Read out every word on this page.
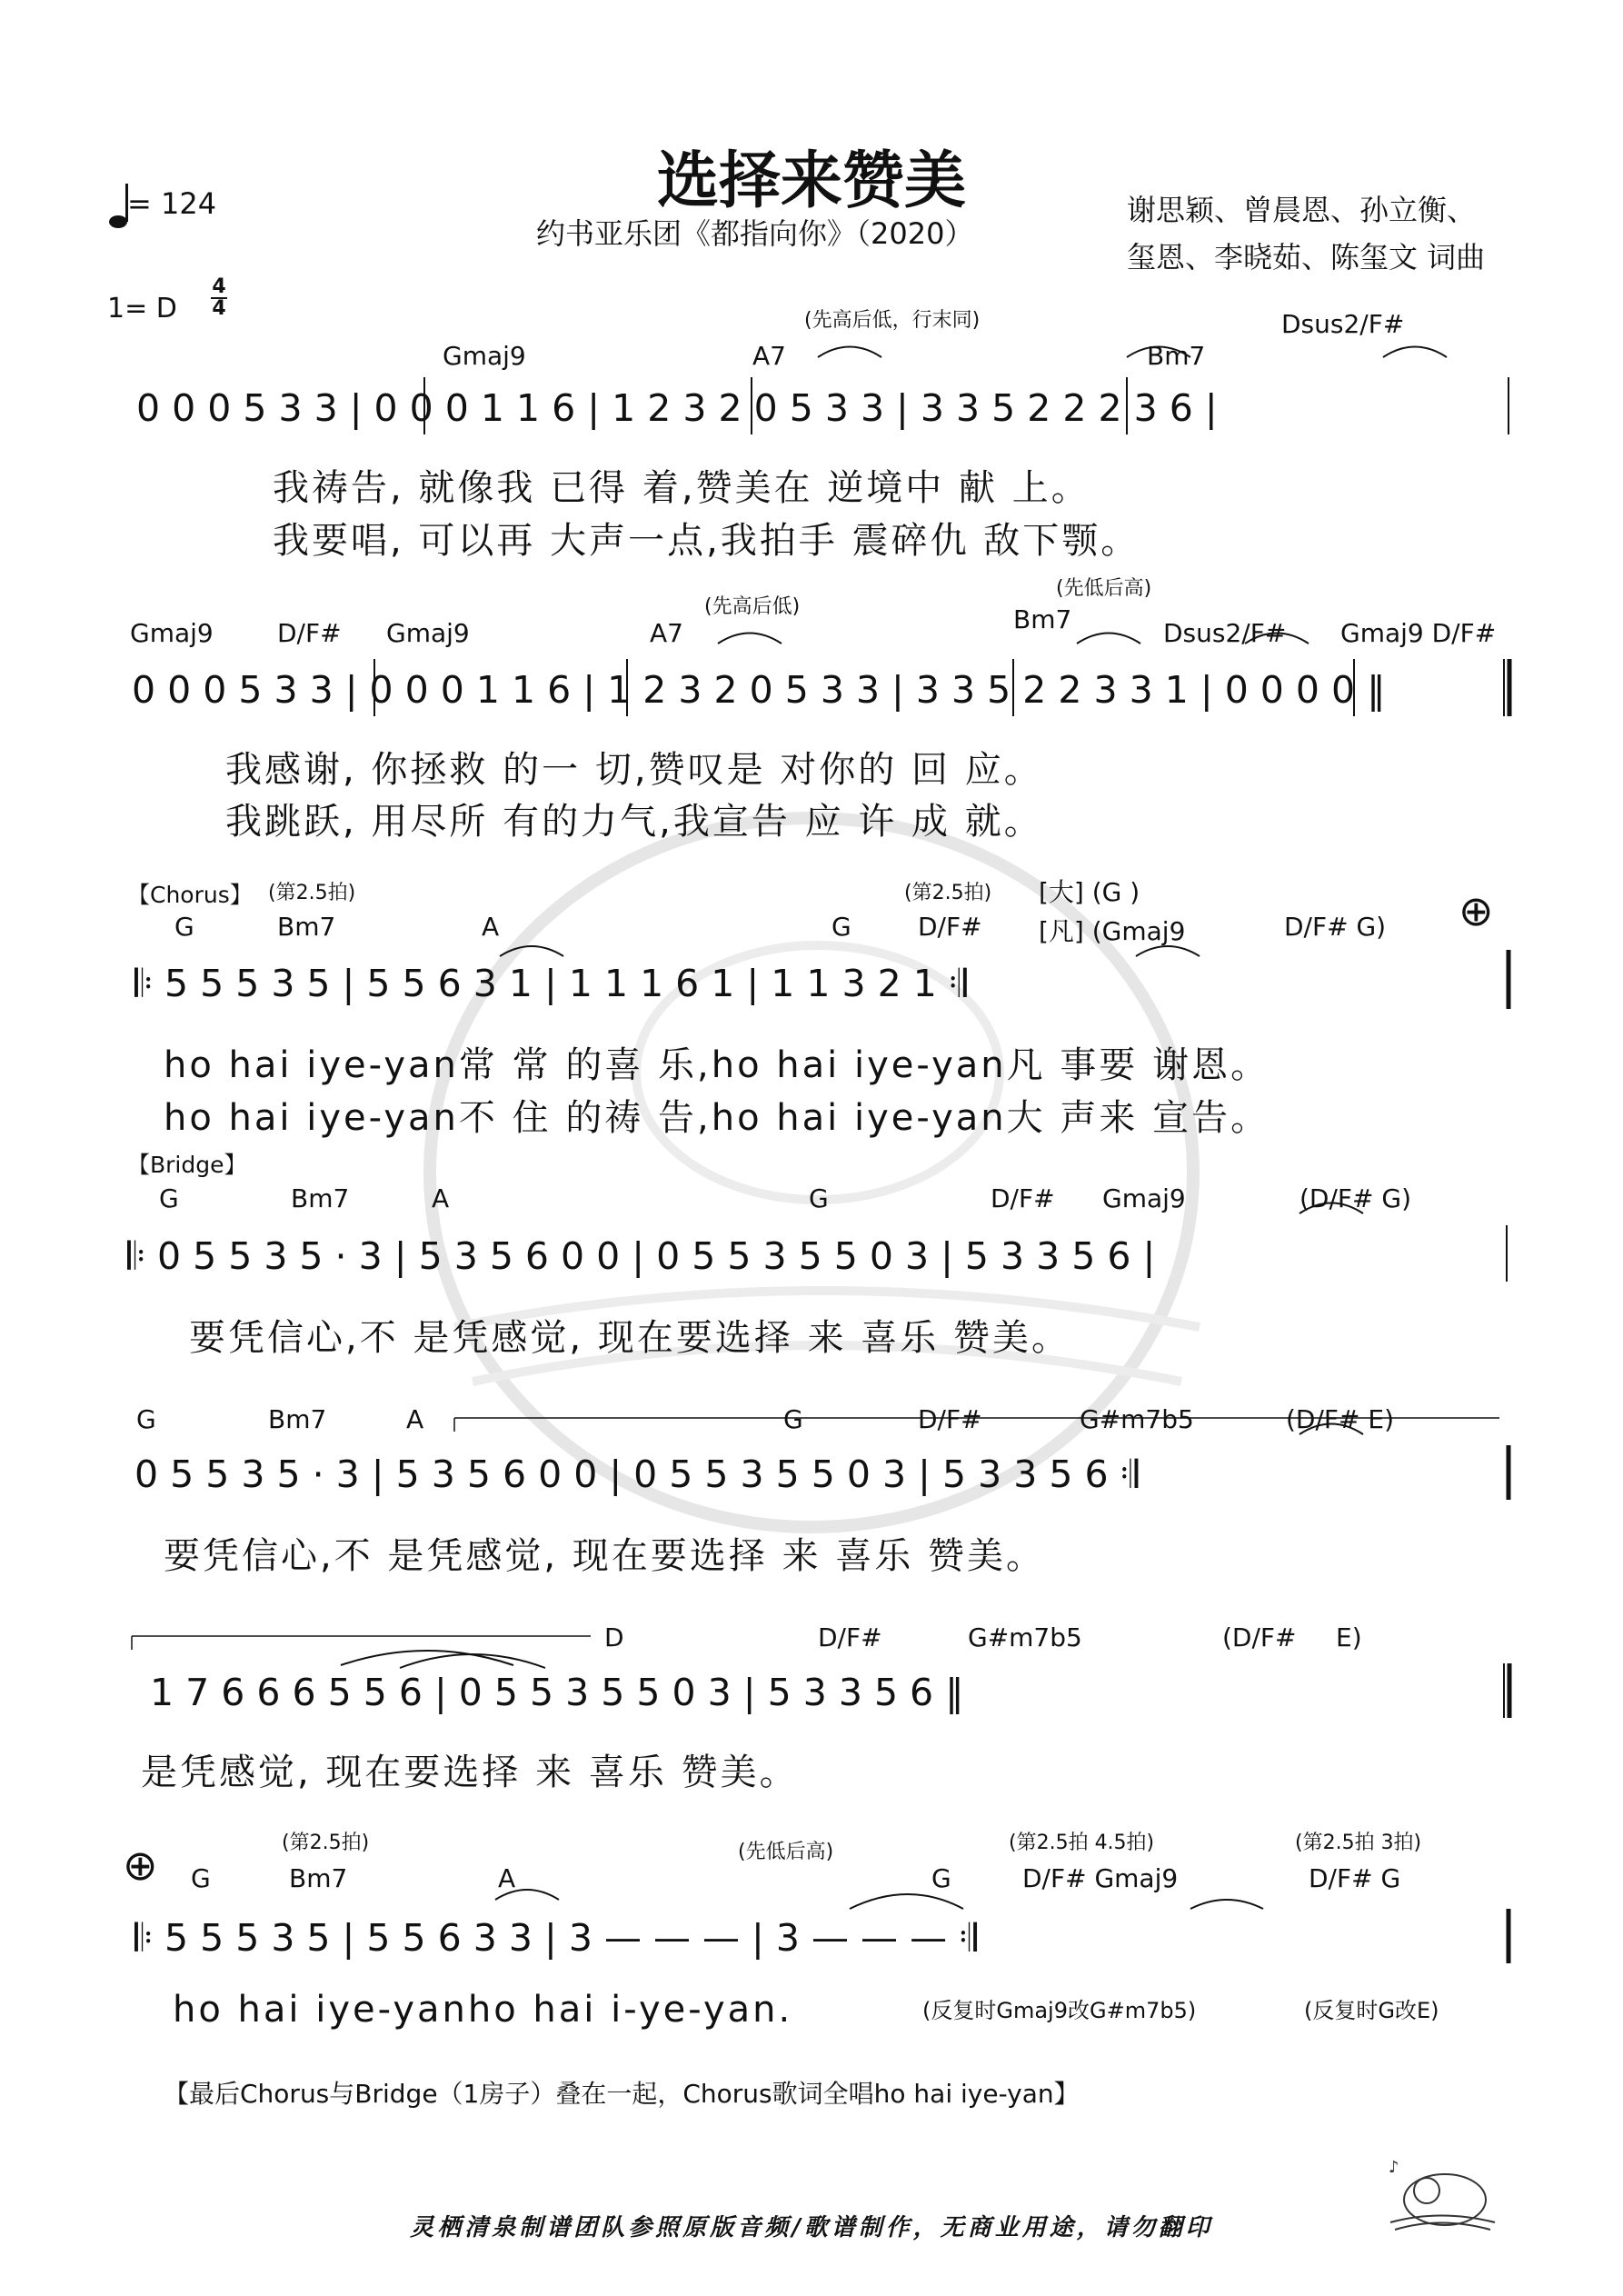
选择来赞美
约书亚乐团《都指向你》（2020）
谢思颖、曾晨恩、孙立衡、
玺恩、李晓茹、陈玺文 词曲
= 124
1= D
4
4
(先高后低，行末同)
Gmaj9	A7	Bm7
Dsus2/F#
0 0 0 5 3 3 | 0 0 0 1 1 6 | 1 2 3 2 0 5 3 3 | 3 3 5 2 2 2 3 6 |
我祷告, 就像我 已得 着,赞美在 逆境中 献 上。
我要唱, 可以再 大声一点,我拍手 震碎仇 敌下颚。
(先高后低)
(先低后高)
Gmaj9	D/F# Gmaj9	A7	Bm7	Dsus2/F# Gmaj9 D/F#
0 0 0 5 3 3 | 0 0 0 1 1 6 | 1 2 3 2 0 5 3 3 | 3 3 5 2 2 3 3 1 | 0 0 0 0 ‖
我感谢, 你拯救 的一 切,赞叹是 对你的 回 应。
我跳跃, 用尽所 有的力气,我宣告 应 许 成 就。
【Chorus】 (第2.5拍)	(第2.5拍) [大] (G )
G	Bm7	A	G	D/F# [凡] (Gmaj9	D/F# G) ⊕
𝄆 5 5 5 3 5 | 5 5 6 3 1 | 1 1 1 6 1 | 1 1 3 2 1 𝄇
ho hai iye-yan常 常 的喜 乐,ho hai iye-yan凡 事要 谢恩。
ho hai iye-yan不 住 的祷 告,ho hai iye-yan大 声来 宣告。
【Bridge】
G	Bm7	A	G	D/F# Gmaj9	(D/F# G)
𝄆 0 5 5 3 5 · 3 | 5 3 5 6 0 0 | 0 5 5 3 5 5 0 3 | 5 3 3 5 6 |
要凭信心,不 是凭感觉, 现在要选择 来 喜乐 赞美。
G	Bm7	A	G	D/F#	G#m7b5	(D/F# E)
0 5 5 3 5 · 3 | 5 3 5 6 0 0 | 0 5 5 3 5 5 0 3 | 5 3 3 5 6 𝄇
要凭信心,不 是凭感觉, 现在要选择 来 喜乐 赞美。
D	D/F#	G#m7b5	(D/F# E)
1 7 6 6 6 5 5 6 | 0 5 5 3 5 5 0 3 | 5 3 3 5 6 ‖
是凭感觉, 现在要选择 来 喜乐 赞美。
⊕	(第2.5拍)	(先低后高)	(第2.5拍 4.5拍)	(第2.5拍 3拍)
G	Bm7	A	G	D/F# Gmaj9	D/F# G
𝄆 5 5 5 3 5 | 5 5 6 3 3 | 3 — — — | 3 — — — 𝄇
ho hai iye-yanho hai i-ye-yan.	(反复时Gmaj9改G#m7b5)	(反复时G改E)
【最后Chorus与Bridge（1房子）叠在一起，Chorus歌词全唱ho hai iye-yan】
灵栖清泉制谱团队参照原版音频/歌谱制作，无商业用途，请勿翻印
♪
